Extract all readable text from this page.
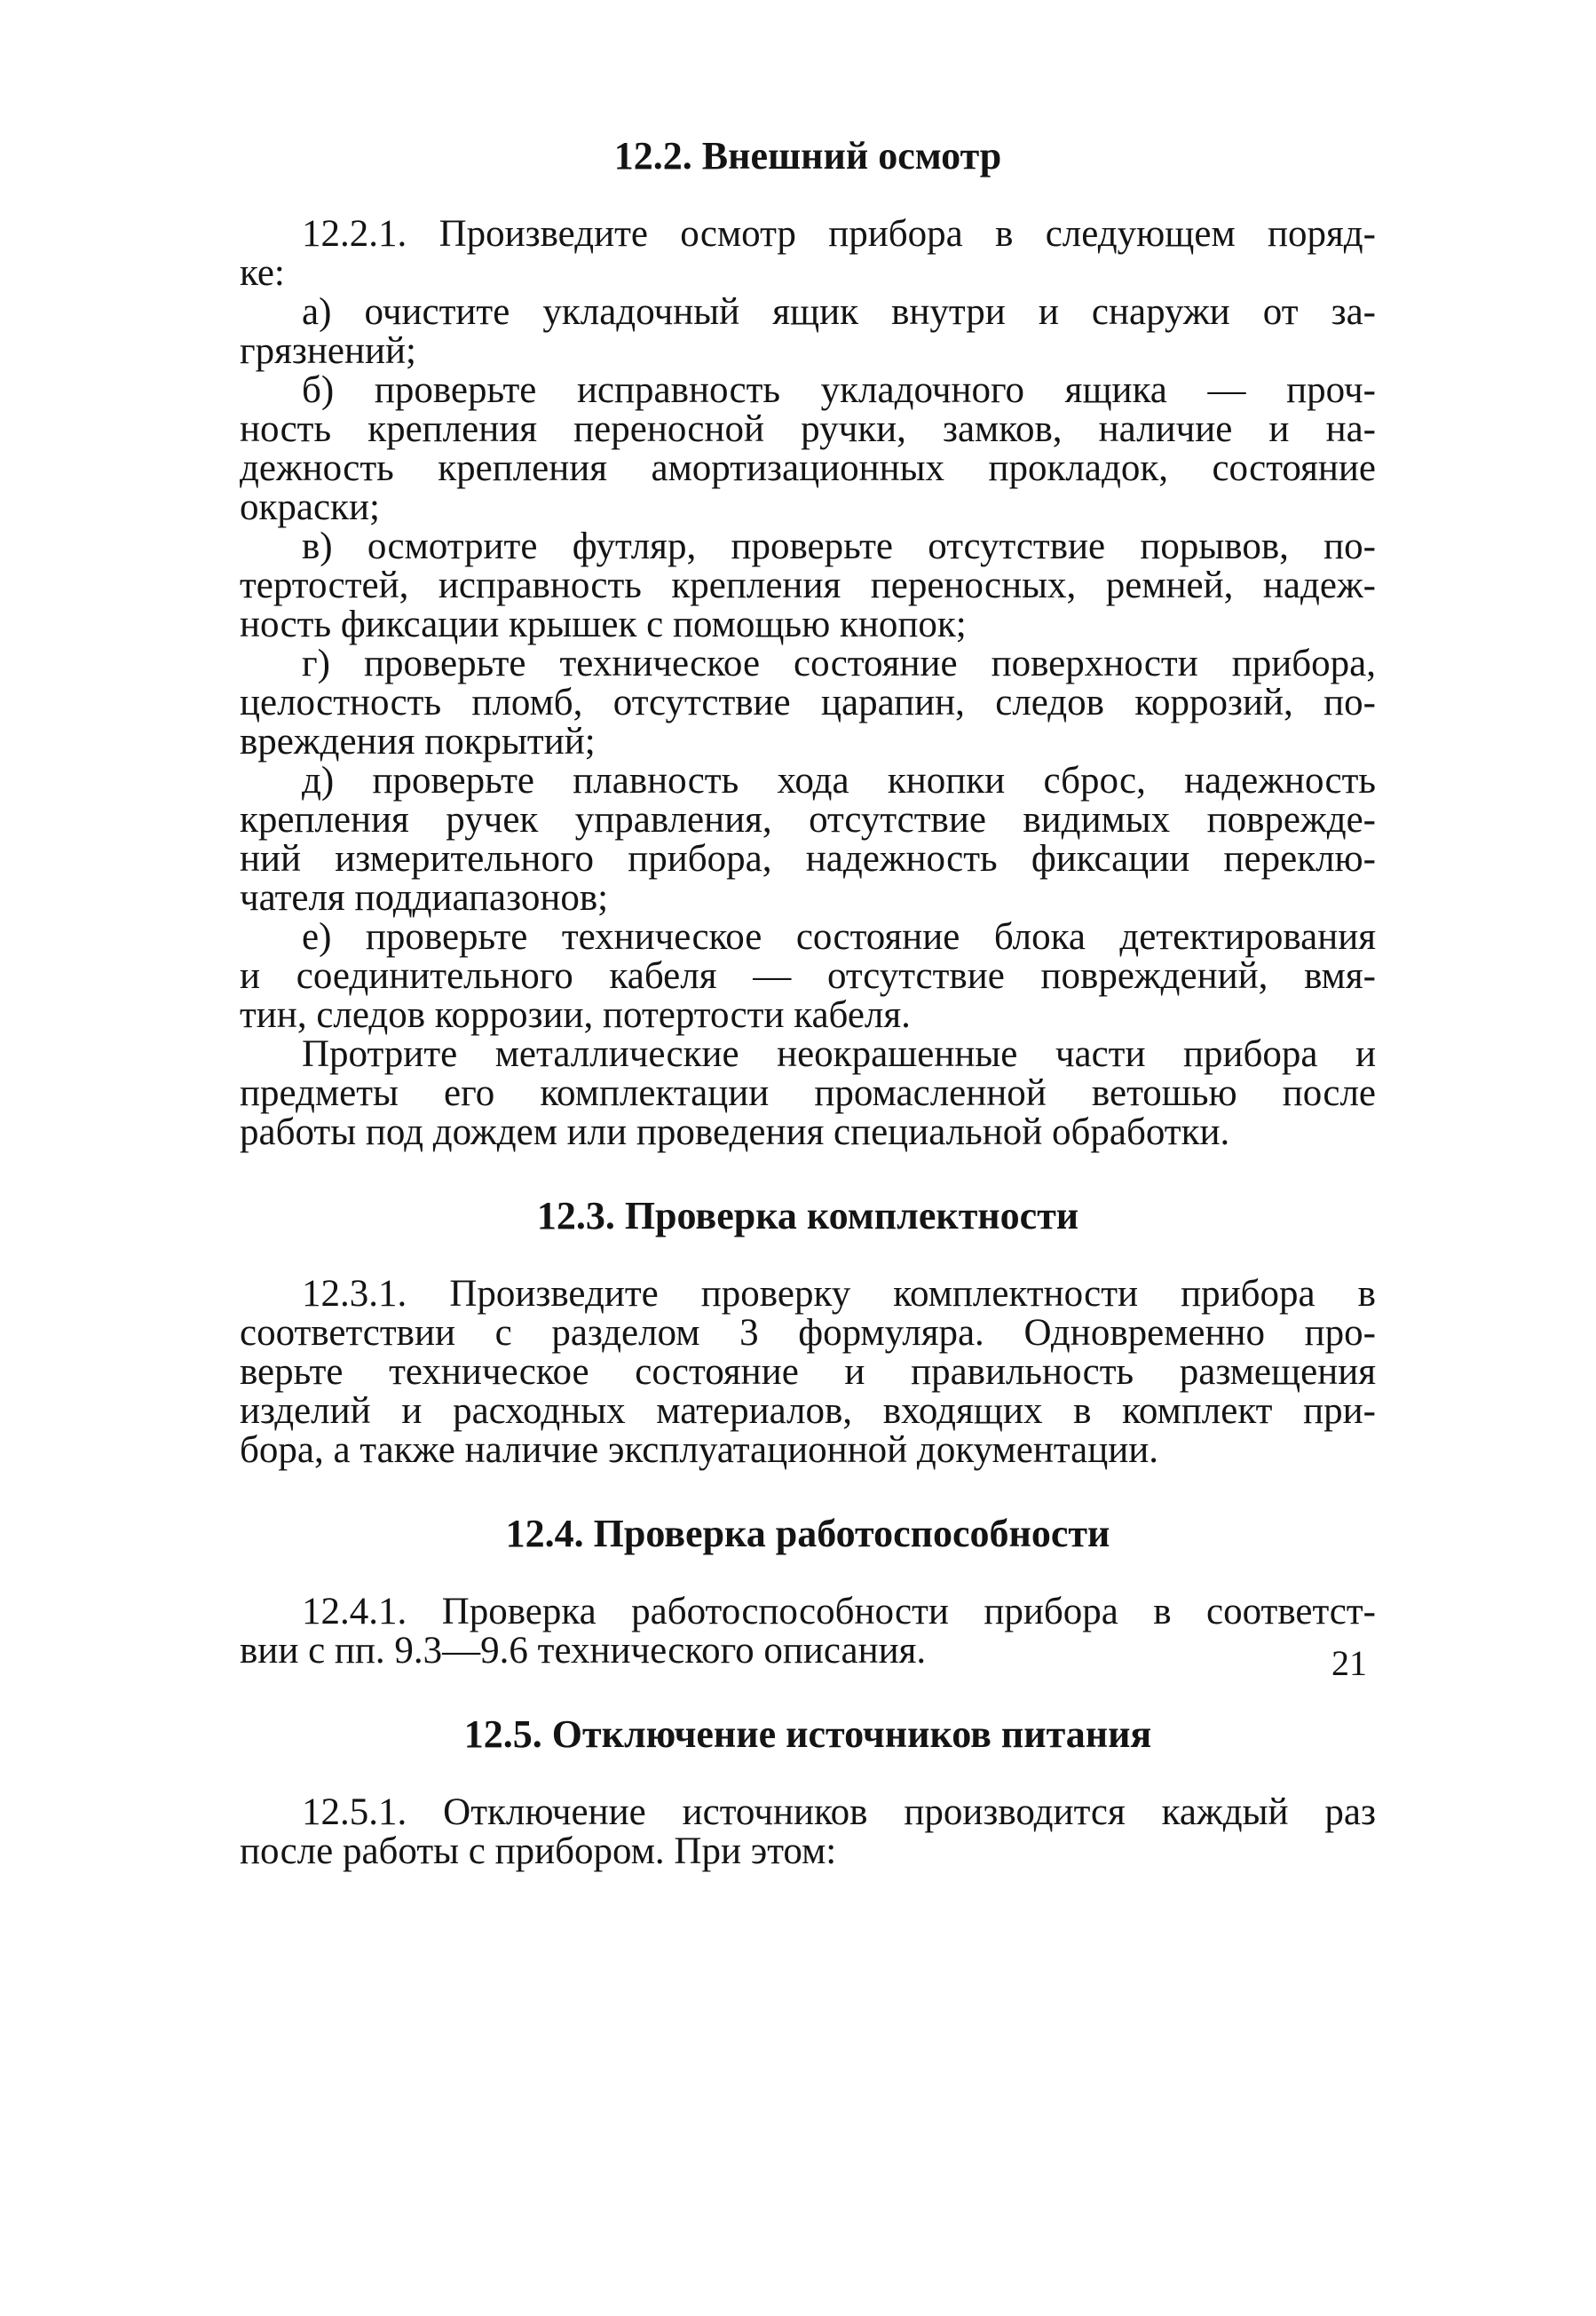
12.2. Внешний осмотр
12.2.1. Произведите осмотр прибора в следующем поряд-
ке:
а) очистите укладочный ящик внутри и снаружи от за-
грязнений;
б) проверьте исправность укладочного ящика — проч-
ность крепления переносной ручки, замков, наличие и на-
дежность крепления амортизационных прокладок, состояние
окраски;
в) осмотрите футляр, проверьте отсутствие порывов, по-
тертостей, исправность крепления переносных, ремней, надеж-
ность фиксации крышек с помощью кнопок;
г) проверьте техническое состояние поверхности прибора,
целостность пломб, отсутствие царапин, следов коррозий, по-
вреждения покрытий;
д) проверьте плавность хода кнопки сброс, надежность
крепления ручек управления, отсутствие видимых поврежде-
ний измерительного прибора, надежность фиксации переклю-
чателя поддиапазонов;
е) проверьте техническое состояние блока детектирования
и соединительного кабеля — отсутствие повреждений, вмя-
тин, следов коррозии, потертости кабеля.
Протрите металлические неокрашенные части прибора и
предметы его комплектации промасленной ветошью после
работы под дождем или проведения специальной обработки.
12.3. Проверка комплектности
12.3.1. Произведите проверку комплектности прибора в
соответствии с разделом 3 формуляра. Одновременно про-
верьте техническое состояние и правильность размещения
изделий и расходных материалов, входящих в комплект при-
бора, а также наличие эксплуатационной документации.
12.4. Проверка работоспособности
12.4.1. Проверка работоспособности прибора в соответст-
вии с пп. 9.3—9.6 технического описания.
12.5. Отключение источников питания
12.5.1. Отключение источников производится каждый раз
после работы с прибором. При этом:
21
